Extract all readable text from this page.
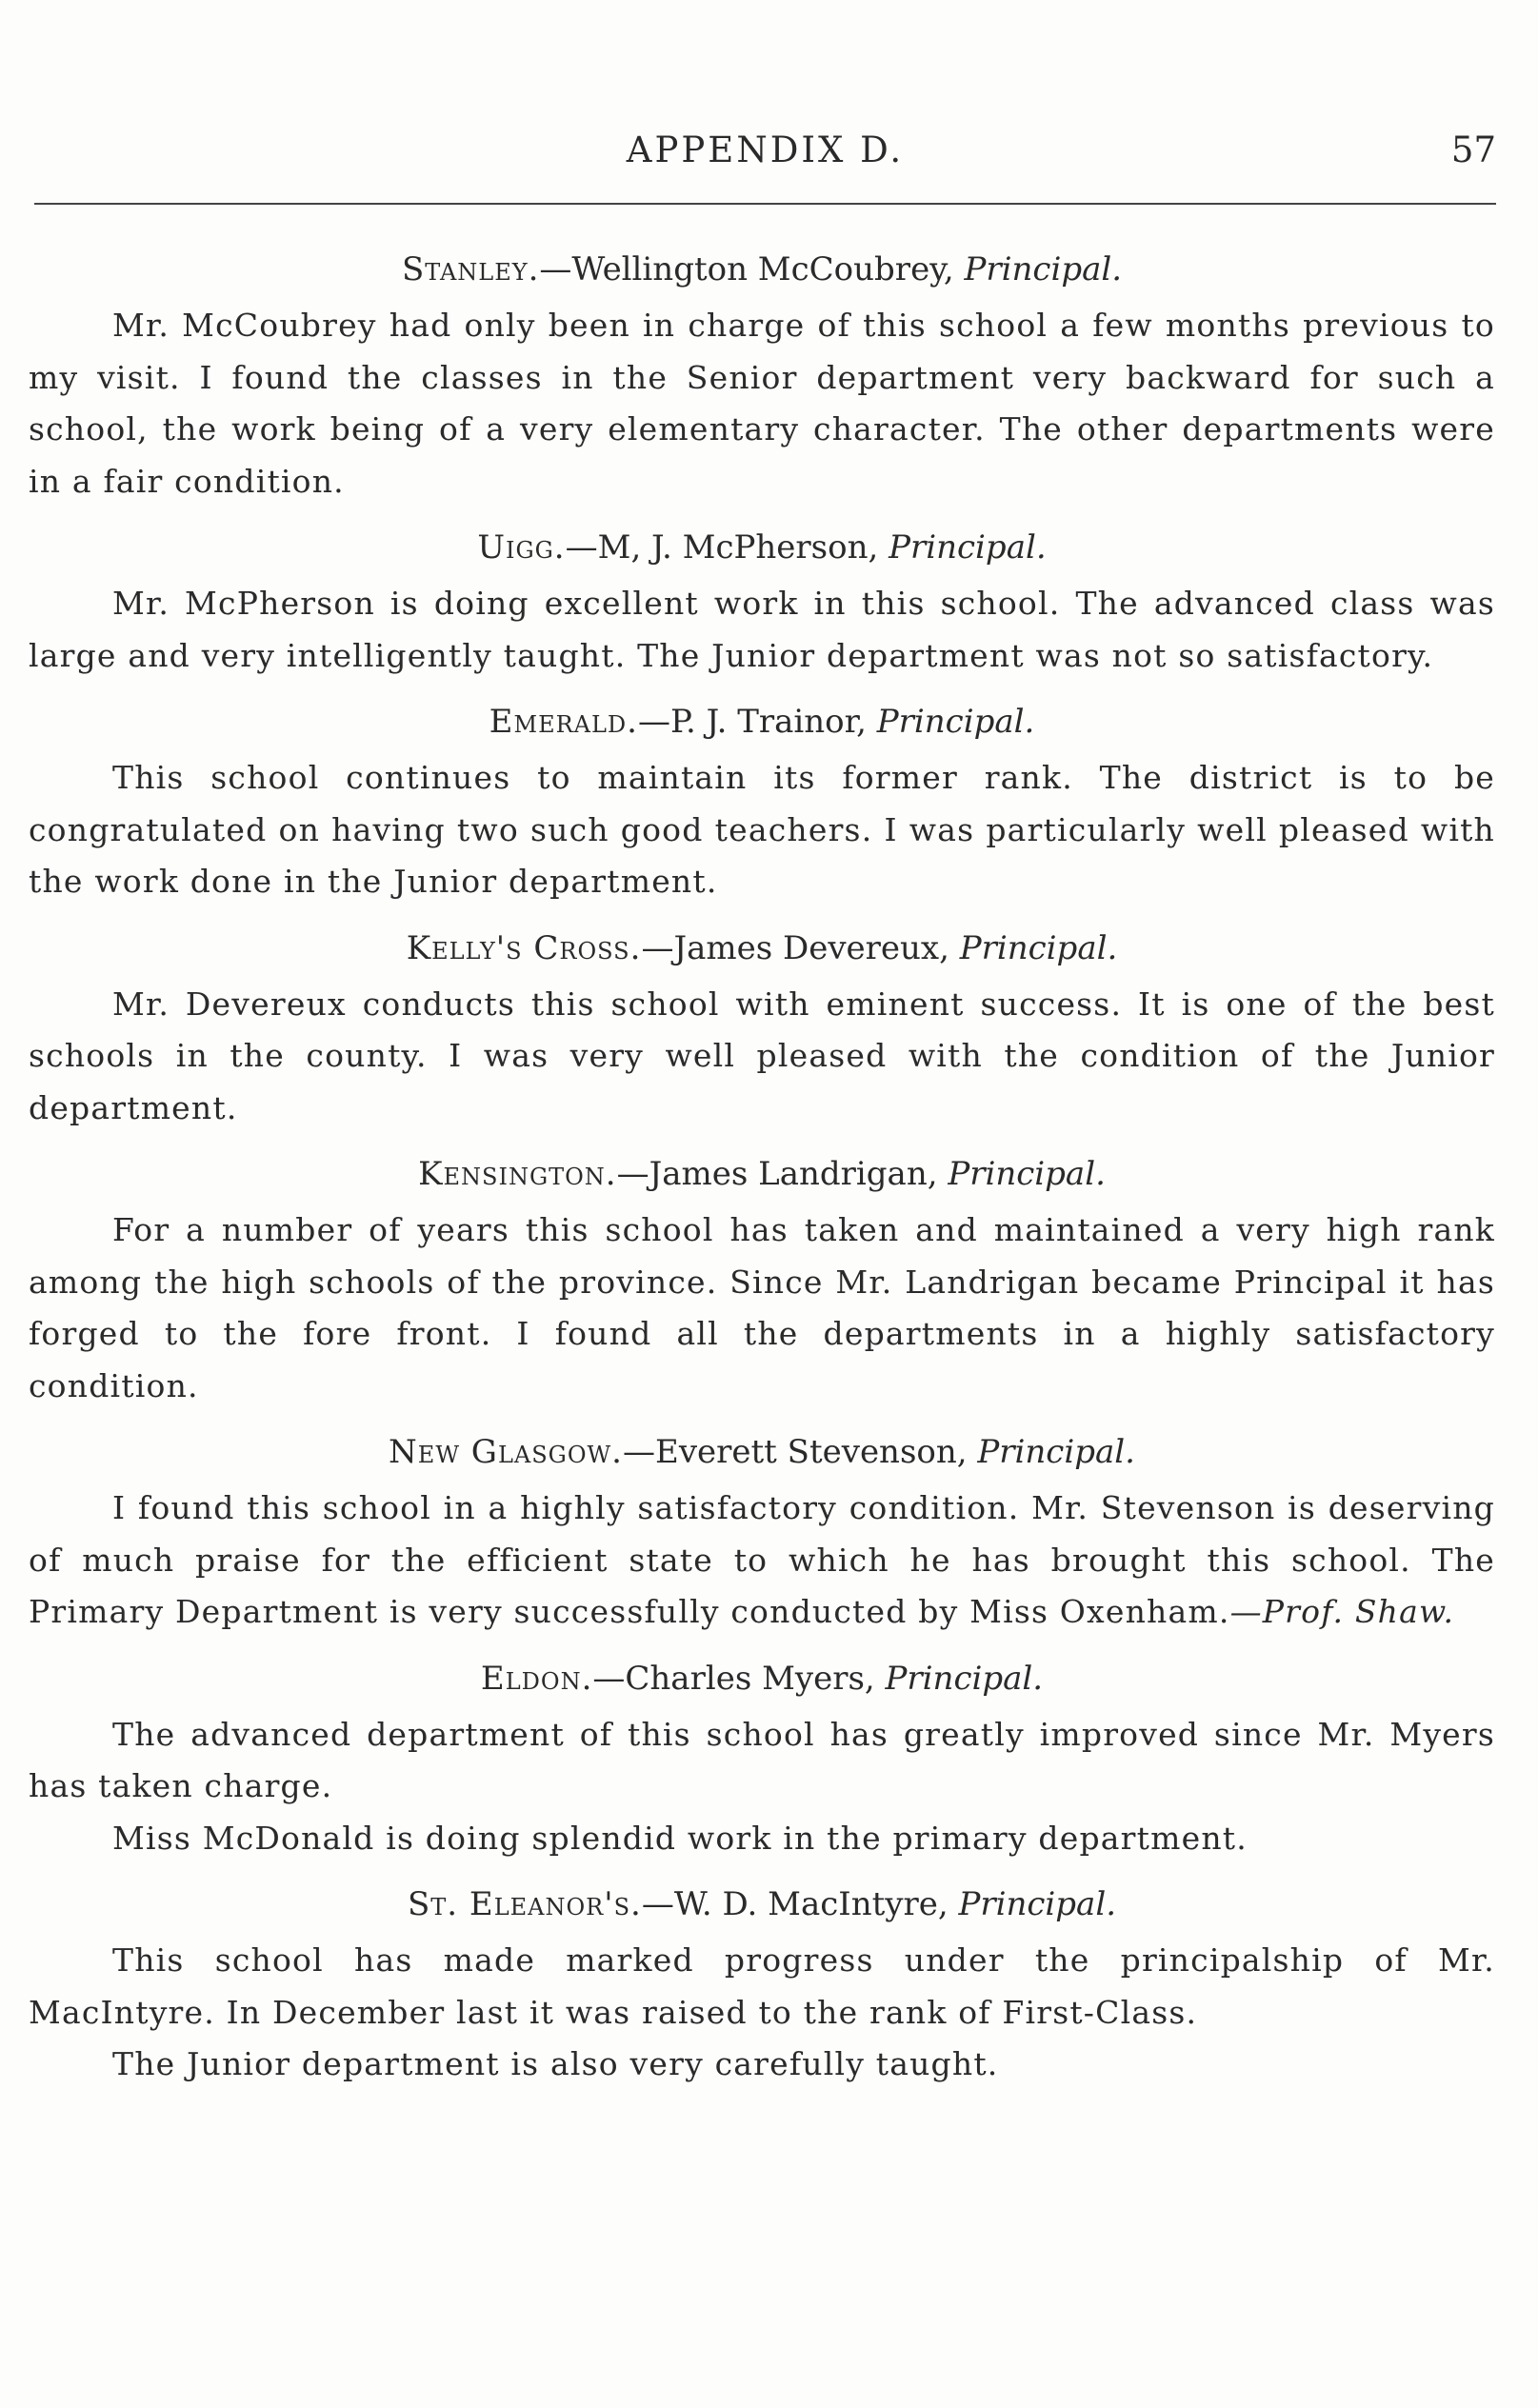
APPENDIX D.	57
Stanley.—Wellington McCoubrey, Principal.

Mr. McCoubrey had only been in charge of this school a few months previous to my visit. I found the classes in the Senior department very backward for such a school, the work being of a very elementary character. The other departments were in a fair condition.

Uigg.—M, J. McPherson, Principal.

Mr. McPherson is doing excellent work in this school. The advanced class was large and very intelligently taught. The Junior department was not so satisfactory.

Emerald.—P. J. Trainor, Principal.

This school continues to maintain its former rank. The district is to be congratulated on having two such good teachers. I was particularly well pleased with the work done in the Junior department.

Kelly's Cross.—James Devereux, Principal.

Mr. Devereux conducts this school with eminent success. It is one of the best schools in the county. I was very well pleased with the condition of the Junior department.

Kensington.—James Landrigan, Principal.

For a number of years this school has taken and maintained a very high rank among the high schools of the province. Since Mr. Landrigan became Principal it has forged to the fore front. I found all the departments in a highly satisfactory condition.

New Glasgow.—Everett Stevenson, Principal.

I found this school in a highly satisfactory condition. Mr. Stevenson is deserving of much praise for the efficient state to which he has brought this school. The Primary Department is very successfully conducted by Miss Oxenham.—Prof. Shaw.

Eldon.—Charles Myers, Principal.

The advanced department of this school has greatly improved since Mr. Myers has taken charge.

Miss McDonald is doing splendid work in the primary department.

St. Eleanor's.—W. D. MacIntyre, Principal.

This school has made marked progress under the principalship of Mr. MacIntyre. In December last it was raised to the rank of First-Class.

The Junior department is also very carefully taught.
